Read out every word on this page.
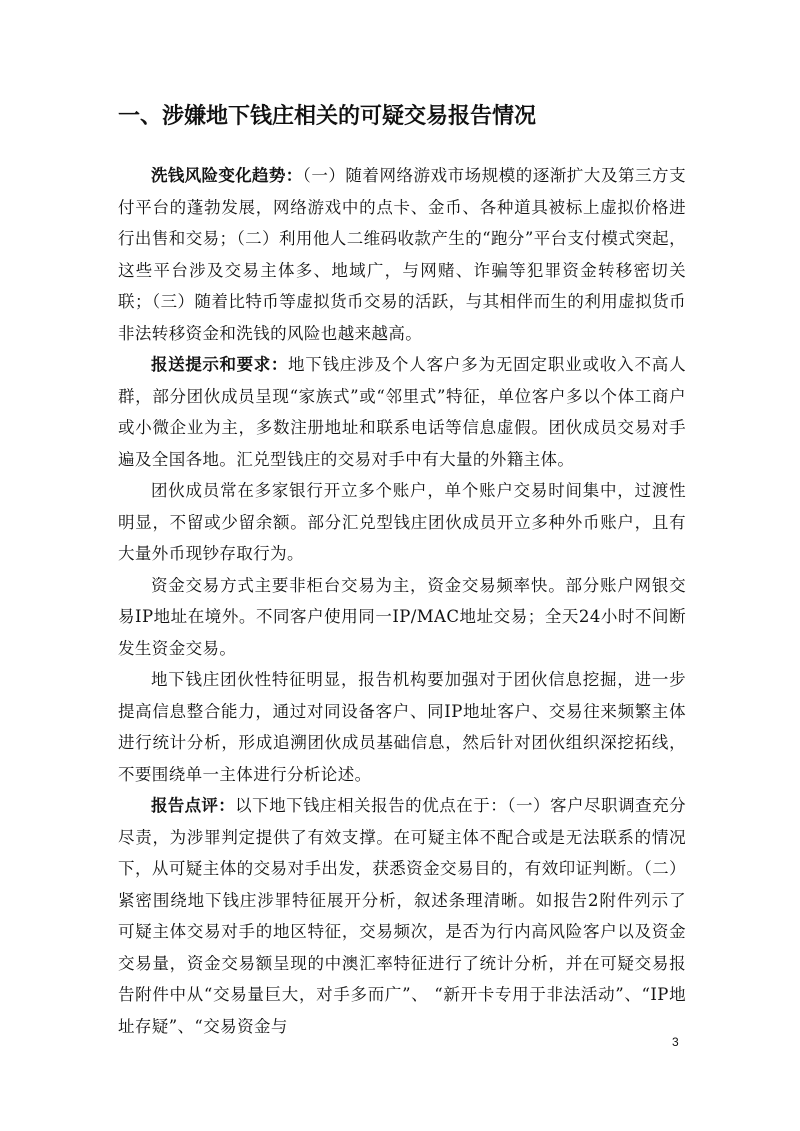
一、涉嫌地下钱庄相关的可疑交易报告情况

洗钱风险变化趋势：（一）随着网络游戏市场规模的逐渐扩大及第三方支付平台的蓬勃发展，网络游戏中的点卡、金币、各种道具被标上虚拟价格进行出售和交易；（二）利用他人二维码收款产生的“跑分”平台支付模式突起，这些平台涉及交易主体多、地域广，与网赌、诈骗等犯罪资金转移密切关联；（三）随着比特币等虚拟货币交易的活跃，与其相伴而生的利用虚拟货币非法转移资金和洗钱的风险也越来越高。

报送提示和要求：地下钱庄涉及个人客户多为无固定职业或收入不高人群，部分团伙成员呈现“家族式”或“邻里式”特征，单位客户多以个体工商户或小微企业为主，多数注册地址和联系电话等信息虚假。团伙成员交易对手遍及全国各地。汇兑型钱庄的交易对手中有大量的外籍主体。

团伙成员常在多家银行开立多个账户，单个账户交易时间集中，过渡性明显，不留或少留余额。部分汇兑型钱庄团伙成员开立多种外币账户，且有大量外币现钞存取行为。

资金交易方式主要非柜台交易为主，资金交易频率快。部分账户网银交易IP地址在境外。不同客户使用同一IP/MAC地址交易；全天24小时不间断发生资金交易。

地下钱庄团伙性特征明显，报告机构要加强对于团伙信息挖掘，进一步提高信息整合能力，通过对同设备客户、同IP地址客户、交易往来频繁主体进行统计分析，形成追溯团伙成员基础信息，然后针对团伙组织深挖拓线，不要围绕单一主体进行分析论述。

报告点评：以下地下钱庄相关报告的优点在于：（一）客户尽职调查充分尽责，为涉罪判定提供了有效支撑。在可疑主体不配合或是无法联系的情况下，从可疑主体的交易对手出发，获悉资金交易目的，有效印证判断。（二）紧密围绕地下钱庄涉罪特征展开分析，叙述条理清晰。如报告2附件列示了可疑主体交易对手的地区特征，交易频次，是否为行内高风险客户以及资金交易量，资金交易额呈现的中澳汇率特征进行了统计分析，并在可疑交易报告附件中从“交易量巨大，对手多而广”、 “新开卡专用于非法活动”、“IP地址存疑”、“交易资金与

3
